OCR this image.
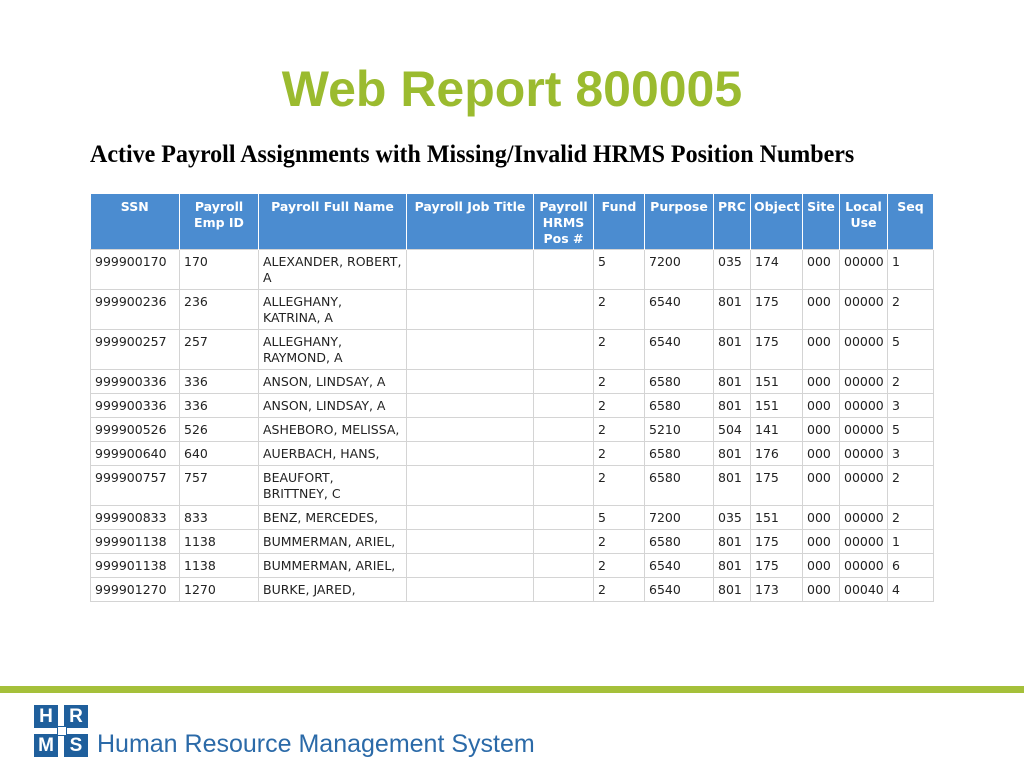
Web Report 800005
Active Payroll Assignments with Missing/Invalid HRMS Position Numbers
SSN	Payroll Emp ID	Payroll Full Name	Payroll Job Title	Payroll HRMS Pos #	Fund	Purpose	PRC	Object	Site	Local Use	Seq
999900170	170	ALEXANDER, ROBERT, A			5	7200	035	174	000	00000	1
999900236	236	ALLEGHANY, KATRINA, A			2	6540	801	175	000	00000	2
999900257	257	ALLEGHANY, RAYMOND, A			2	6540	801	175	000	00000	5
999900336	336	ANSON, LINDSAY, A			2	6580	801	151	000	00000	2
999900336	336	ANSON, LINDSAY, A			2	6580	801	151	000	00000	3
999900526	526	ASHEBORO, MELISSA,			2	5210	504	141	000	00000	5
999900640	640	AUERBACH, HANS,			2	6580	801	176	000	00000	3
999900757	757	BEAUFORT, BRITTNEY, C			2	6580	801	175	000	00000	2
999900833	833	BENZ, MERCEDES,			5	7200	035	151	000	00000	2
999901138	1138	BUMMERMAN, ARIEL,			2	6580	801	175	000	00000	1
999901138	1138	BUMMERMAN, ARIEL,			2	6540	801	175	000	00000	6
999901270	1270	BURKE, JARED,			2	6540	801	173	000	00040	4
H R
M S Human Resource Management System
